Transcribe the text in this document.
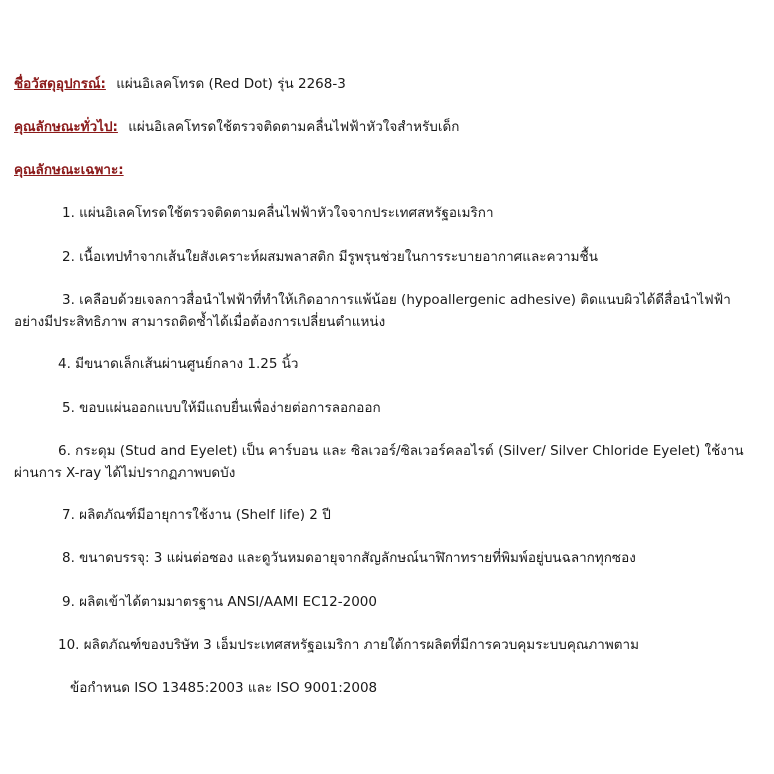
ชื่อวัสดุอุปกรณ์: แผ่นอิเลคโทรด (Red Dot) รุ่น 2268-3
คุณลักษณะทั่วไป: แผ่นอิเลคโทรดใช้ตรวจติดตามคลื่นไฟฟ้าหัวใจสำหรับเด็ก
คุณลักษณะเฉพาะ:
1. แผ่นอิเลคโทรดใช้ตรวจติดตามคลื่นไฟฟ้าหัวใจจากประเทศสหรัฐอเมริกา
2. เนื้อเทปทำจากเส้นใยสังเคราะห์ผสมพลาสติก มีรูพรุนช่วยในการระบายอากาศและความชื้น
3. เคลือบด้วยเจลกาวสื่อนำไฟฟ้าที่ทำให้เกิดอาการแพ้น้อย (hypoallergenic adhesive) ติดแนบผิวได้ดีสื่อนำไฟฟ้าอย่างมีประสิทธิภาพ สามารถติดซ้ำได้เมื่อต้องการเปลี่ยนตำแหน่ง
4. มีขนาดเล็กเส้นผ่านศูนย์กลาง 1.25 นิ้ว
5. ขอบแผ่นออกแบบให้มีแถบยื่นเพื่อง่ายต่อการลอกออก
6. กระดุม (Stud and Eyelet) เป็น คาร์บอน และ ซิลเวอร์/ซิลเวอร์คลอไรด์ (Silver/ Silver Chloride Eyelet) ใช้งานผ่านการ X-ray ได้ไม่ปรากฏภาพบดบัง
7. ผลิตภัณฑ์มีอายุการใช้งาน (Shelf life) 2 ปี
8. ขนาดบรรจุ: 3 แผ่นต่อซอง และดูวันหมดอายุจากสัญลักษณ์นาฬิกาทรายที่พิมพ์อยู่บนฉลากทุกซอง
9. ผลิตเข้าได้ตามมาตรฐาน ANSI/AAMI EC12-2000
10. ผลิตภัณฑ์ของบริษัท 3 เอ็มประเทศสหรัฐอเมริกา ภายใต้การผลิตที่มีการควบคุมระบบคุณภาพตาม
ข้อกำหนด ISO 13485:2003 และ ISO 9001:2008
